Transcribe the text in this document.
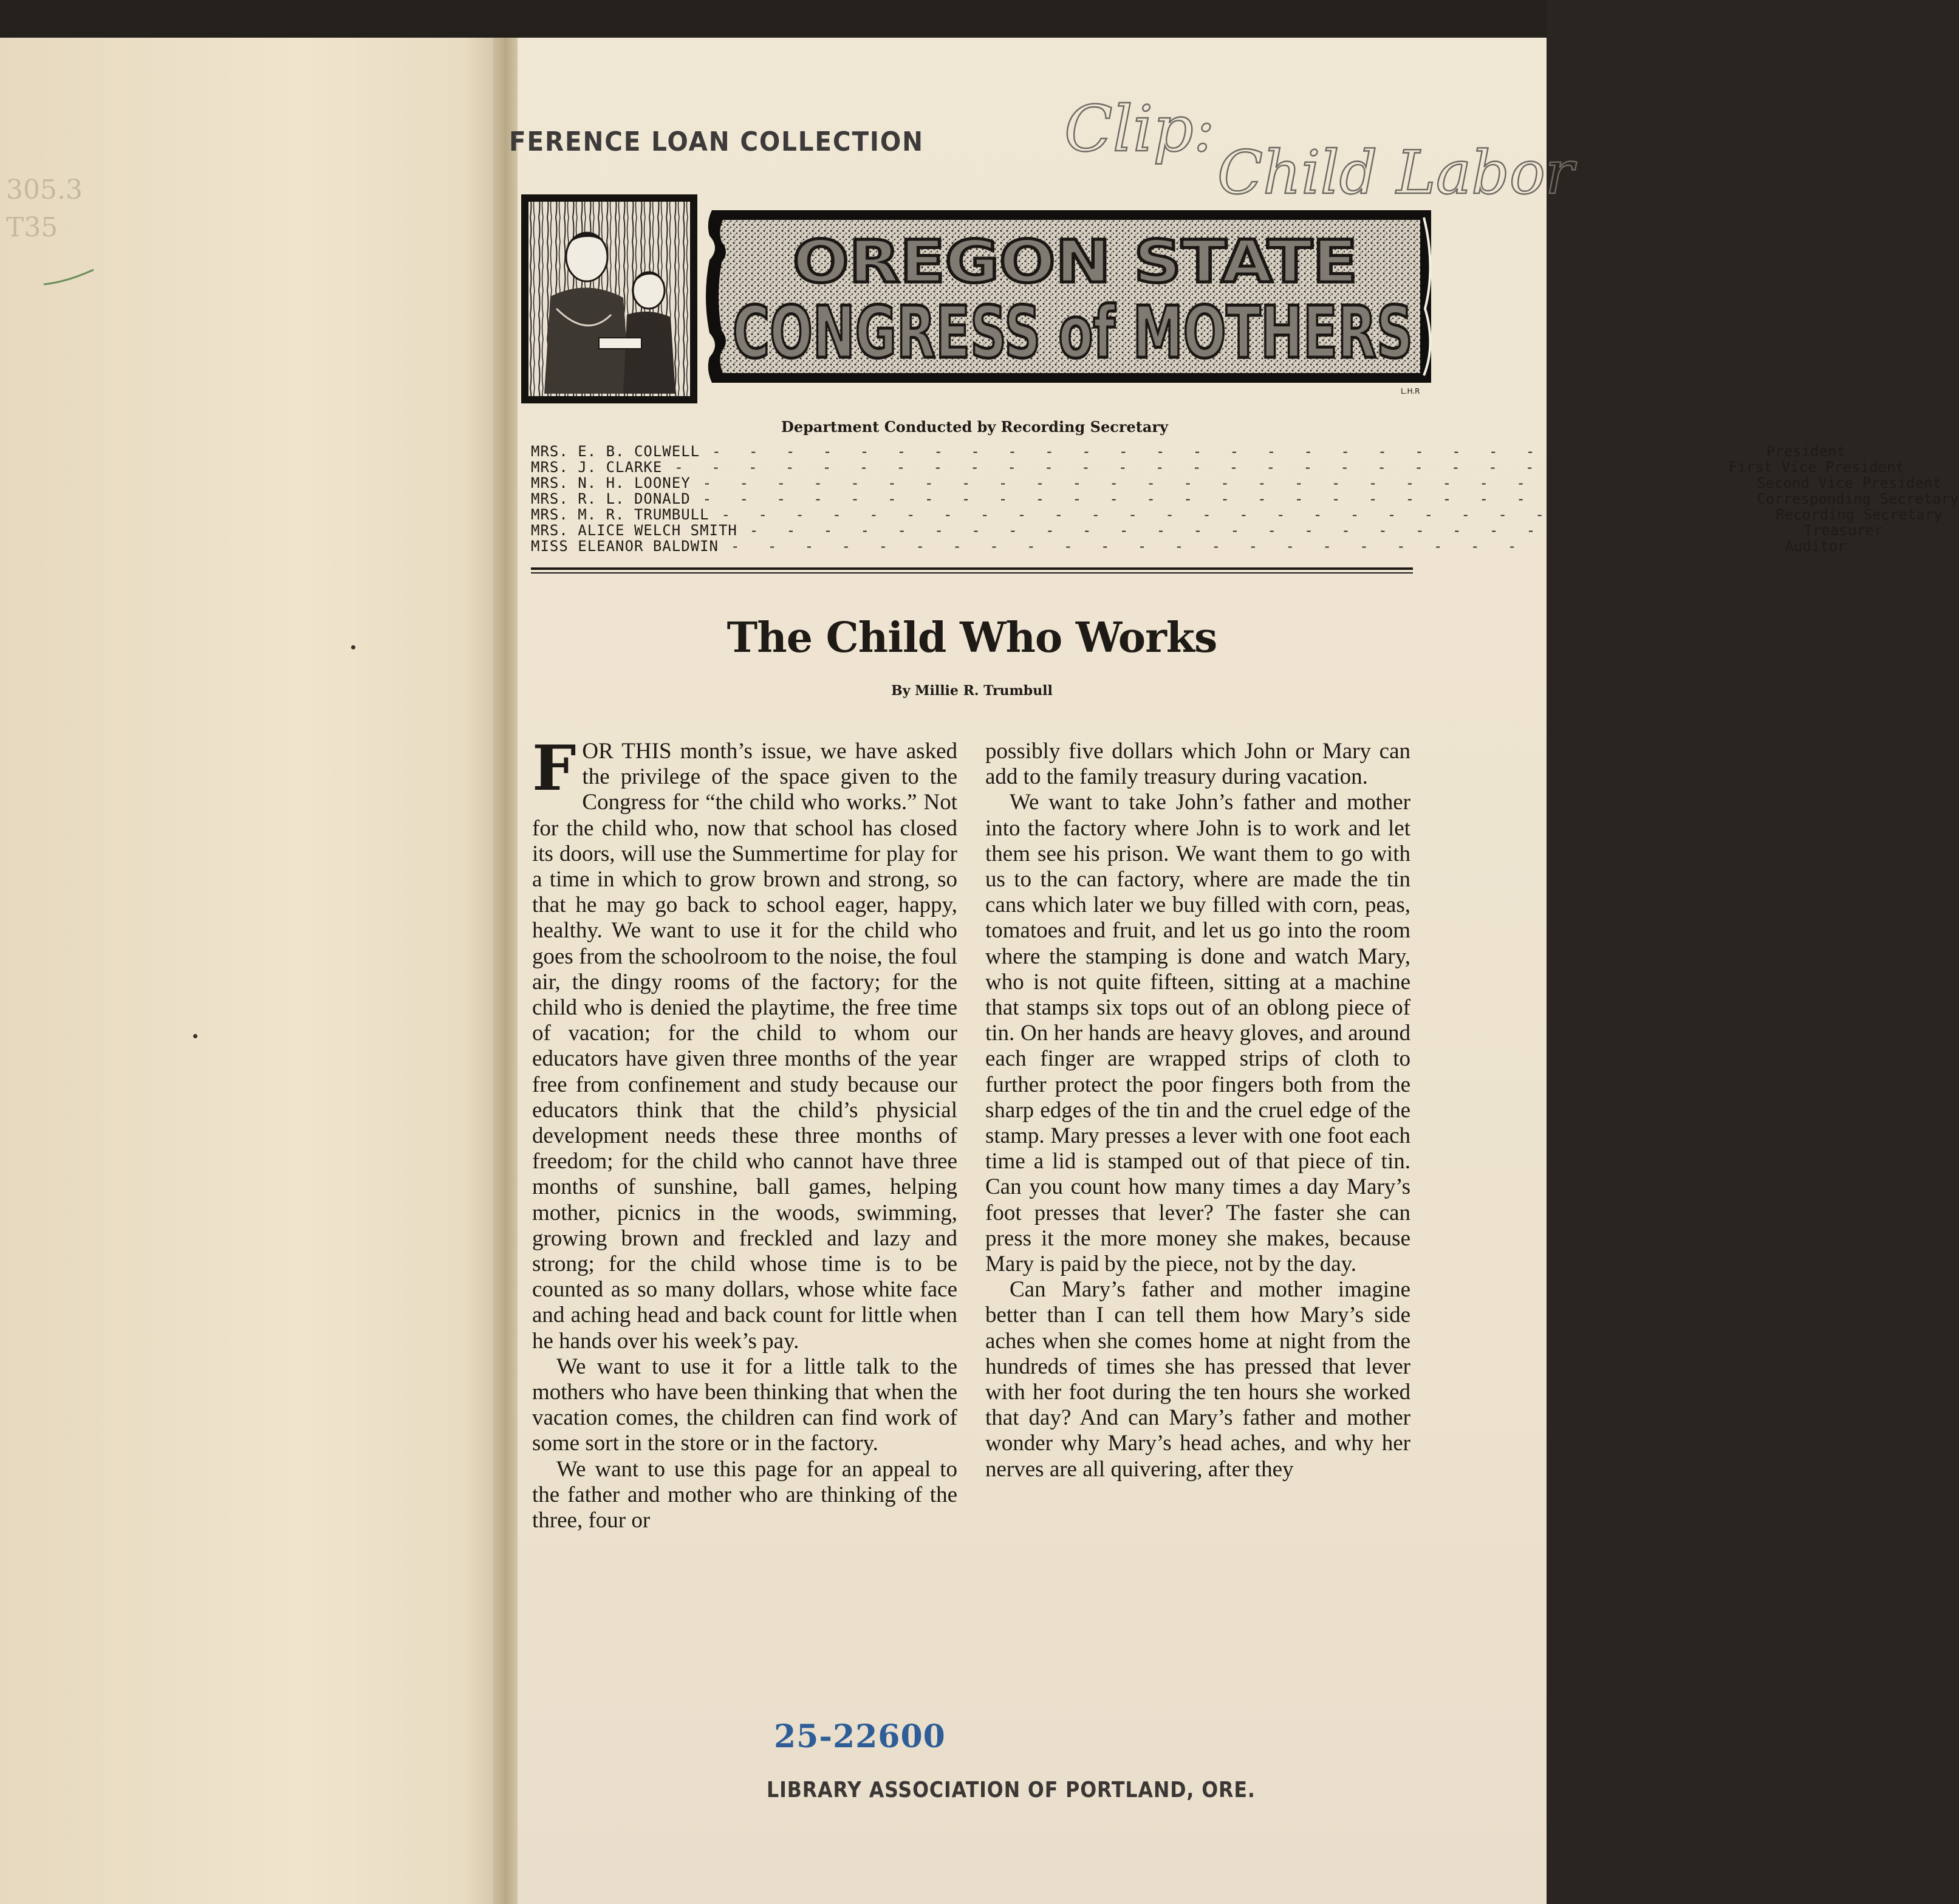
305.3
T35
FERENCE LOAN COLLECTION Clip:
Child Labor
OREGON STATE
CONGRESS of MOTHERS
L.H.R
Department Conducted by Recording Secretary
MRS. E. B. COLWELL - - - - - - - - - - - - - - - - - - - - - - - - - - - - - President
MRS. J. CLARKE - - - - - - - - - - - - - - - - - - - - - - - - - - - - - First Vice President
MRS. N. H. LOONEY - - - - - - - - - - - - - - - - - - - - - - - - - - - - - Second Vice President
MRS. R. L. DONALD - - - - - - - - - - - - - - - - - - - - - - - - - - - - - Corresponding Secretary
MRS. M. R. TRUMBULL - - - - - - - - - - - - - - - - - - - - - - - - - - - - - Recording Secretary
MRS. ALICE WELCH SMITH - - - - - - - - - - - - - - - - - - - - - - - - - - - - - Treasurer
MISS ELEANOR BALDWIN - - - - - - - - - - - - - - - - - - - - - - - - - - - - - Auditor
The Child Who Works
By Millie R. Trumbull

FOR THIS month’s issue, we have asked the privilege of the space given to the Congress for “the child who works.” Not for the child who, now that school has closed its doors, will use the Summertime for play for a time in which to grow brown and strong, so that he may go back to school eager, happy, healthy. We want to use it for the child who goes from the schoolroom to the noise, the foul air, the dingy rooms of the factory; for the child who is denied the playtime, the free time of vacation; for the child to whom our educators have given three months of the year free from confinement and study because our educators think that the child’s physicial development needs these three months of freedom; for the child who cannot have three months of sunshine, ball games, helping mother, picnics in the woods, swimming, growing brown and freckled and lazy and strong; for the child whose time is to be counted as so many dollars, whose white face and aching head and back count for little when he hands over his week’s pay.

We want to use it for a little talk to the mothers who have been thinking that when the vacation comes, the children can find work of some sort in the store or in the factory.

We want to use this page for an appeal to the father and mother who are thinking of the three, four or

possibly five dollars which John or Mary can add to the family treasury during vacation.

We want to take John’s father and mother into the factory where John is to work and let them see his prison. We want them to go with us to the can factory, where are made the tin cans which later we buy filled with corn, peas, tomatoes and fruit, and let us go into the room where the stamping is done and watch Mary, who is not quite fifteen, sitting at a machine that stamps six tops out of an oblong piece of tin. On her hands are heavy gloves, and around each finger are wrapped strips of cloth to further protect the poor fingers both from the sharp edges of the tin and the cruel edge of the stamp. Mary presses a lever with one foot each time a lid is stamped out of that piece of tin. Can you count how many times a day Mary’s foot presses that lever? The faster she can press it the more money she makes, because Mary is paid by the piece, not by the day.

Can Mary’s father and mother imagine better than I can tell them how Mary’s side aches when she comes home at night from the hundreds of times she has pressed that lever with her foot during the ten hours she worked that day? And can Mary’s father and mother wonder why Mary’s head aches, and why her nerves are all quivering, after they

25-22600
LIBRARY ASSOCIATION OF PORTLAND, ORE.
